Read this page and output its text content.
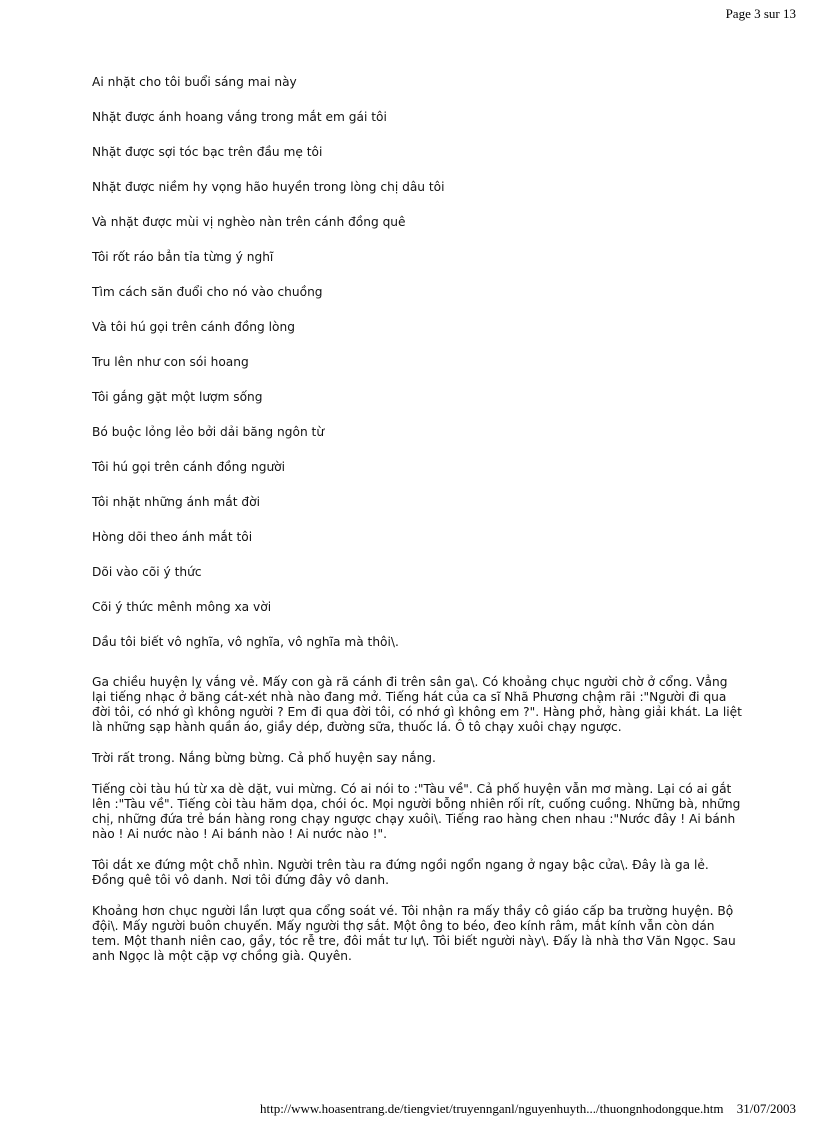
Page 3 sur 13
Ai nhặt cho tôi buổi sáng mai này
Nhặt được ánh hoang vắng trong mắt em gái tôi
Nhặt được sợi tóc bạc trên đầu mẹ tôi
Nhặt được niềm hy vọng hão huyền trong lòng chị dâu tôi
Và nhặt được mùi vị nghèo nàn trên cánh đồng quê
Tôi rốt ráo bẳn tỉa từng ý nghĩ
Tìm cách săn đuổi cho nó vào chuồng
Và tôi hú gọi trên cánh đồng lòng
Tru lên như con sói hoang
Tôi gắng gặt một lượm sống
Bó buộc lỏng lẻo bởi dải băng ngôn từ
Tôi hú gọi trên cánh đồng người
Tôi nhặt những ánh mắt đời
Hòng dõi theo ánh mắt tôi
Dõi vào cõi ý thức
Cõi ý thức mênh mông xa vời
Dầu tôi biết vô nghĩa, vô nghĩa, vô nghĩa mà thôi\.

Ga chiều huyện lỵ vắng vẻ. Mấy con gà rã cánh đi trên sân ga\. Có khoảng chục người chờ ở cổng. Vẳng lại tiếng nhạc ở băng cát-xét nhà nào đang mở. Tiếng hát của ca sĩ Nhã Phương chậm rãi :"Người đi qua đời tôi, có nhớ gì không người ? Em đi qua đời tôi, có nhớ gì không em ?". Hàng phở, hàng giải khát. La liệt là những sạp hành quần áo, giầy dép, đường sữa, thuốc lá. Ô tô chạy xuôi chạy ngược.

Trời rất trong. Nắng bừng bừng. Cả phố huyện say nắng.

Tiếng còi tàu hú từ xa dè dặt, vui mừng. Có ai nói to :"Tàu về". Cả phố huyện vẫn mơ màng. Lại có ai gắt lên :"Tàu về". Tiếng còi tàu hăm dọa, chói óc. Mọi người bỗng nhiên rối rít, cuống cuồng. Những bà, những chị, những đứa trẻ bán hàng rong chạy ngược chạy xuôi\. Tiếng rao hàng chen nhau :"Nước đây ! Ai bánh nào ! Ai nước nào ! Ai bánh nào ! Ai nước nào !".

Tôi dắt xe đứng một chỗ nhìn. Người trên tàu ra đứng ngồi ngổn ngang ở ngay bậc cửa\. Đây là ga lẻ. Đồng quê tôi vô danh. Nơi tôi đứng đây vô danh.

Khoảng hơn chục người lần lượt qua cổng soát vé. Tôi nhận ra mấy thầy cô giáo cấp ba trường huyện. Bộ đội\. Mấy người buôn chuyến. Mấy người thợ sắt. Một ông to béo, đeo kính râm, mắt kính vẫn còn dán tem. Một thanh niên cao, gầy, tóc rễ tre, đôi mắt tư lự\. Tôi biết người này\. Đấy là nhà thơ Văn Ngọc. Sau anh Ngọc là một cặp vợ chồng già. Quyên.

http://www.hoasentrang.de/tiengviet/truyennganl/nguyenhuyth.../thuongnhodongque.htm 31/07/2003
